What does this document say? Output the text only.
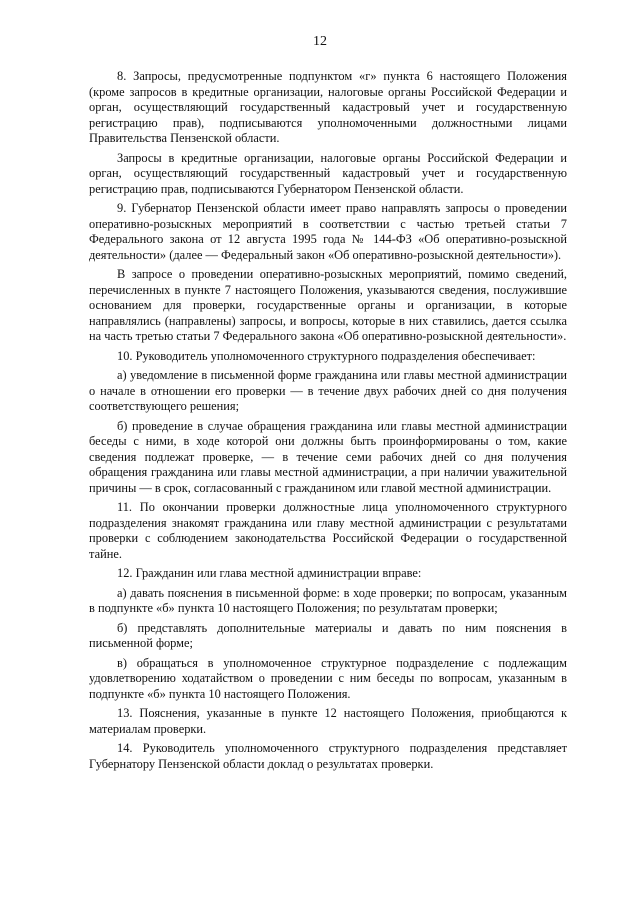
12

8. Запросы, предусмотренные подпунктом «г» пункта 6 настоящего Положения (кроме запросов в кредитные организации, налоговые органы Российской Федерации и орган, осуществляющий государственный кадастровый учет и государственную регистрацию прав), подписываются уполномоченными должностными лицами Правительства Пензенской области.

Запросы в кредитные организации, налоговые органы Российской Федерации и орган, осуществляющий государственный кадастровый учет и государственную регистрацию прав, подписываются Губернатором Пензенской области.

9. Губернатор Пензенской области имеет право направлять запросы о проведении оперативно-розыскных мероприятий в соответствии с частью третьей статьи 7 Федерального закона от 12 августа 1995 года № 144-ФЗ «Об оперативно-розыскной деятельности» (далее — Федеральный закон «Об оперативно-розыскной деятельности»).

В запросе о проведении оперативно-розыскных мероприятий, помимо сведений, перечисленных в пункте 7 настоящего Положения, указываются сведения, послужившие основанием для проверки, государственные органы и организации, в которые направлялись (направлены) запросы, и вопросы, которые в них ставились, дается ссылка на часть третью статьи 7 Федерального закона «Об оперативно-розыскной деятельности».

10. Руководитель уполномоченного структурного подразделения обеспечивает:

а) уведомление в письменной форме гражданина или главы местной администрации о начале в отношении его проверки — в течение двух рабочих дней со дня получения соответствующего решения;

б) проведение в случае обращения гражданина или главы местной администрации беседы с ними, в ходе которой они должны быть проинформированы о том, какие сведения подлежат проверке, — в течение семи рабочих дней со дня получения обращения гражданина или главы местной администрации, а при наличии уважительной причины — в срок, согласованный с гражданином или главой местной администрации.

11. По окончании проверки должностные лица уполномоченного структурного подразделения знакомят гражданина или главу местной администрации с результатами проверки с соблюдением законодательства Российской Федерации о государственной тайне.

12. Гражданин или глава местной администрации вправе:

а) давать пояснения в письменной форме: в ходе проверки; по вопросам, указанным в подпункте «б» пункта 10 настоящего Положения; по результатам проверки;

б) представлять дополнительные материалы и давать по ним пояснения в письменной форме;

в) обращаться в уполномоченное структурное подразделение с подлежащим удовлетворению ходатайством о проведении с ним беседы по вопросам, указанным в подпункте «б» пункта 10 настоящего Положения.

13. Пояснения, указанные в пункте 12 настоящего Положения, приобщаются к материалам проверки.

14. Руководитель уполномоченного структурного подразделения представляет Губернатору Пензенской области доклад о результатах проверки.
